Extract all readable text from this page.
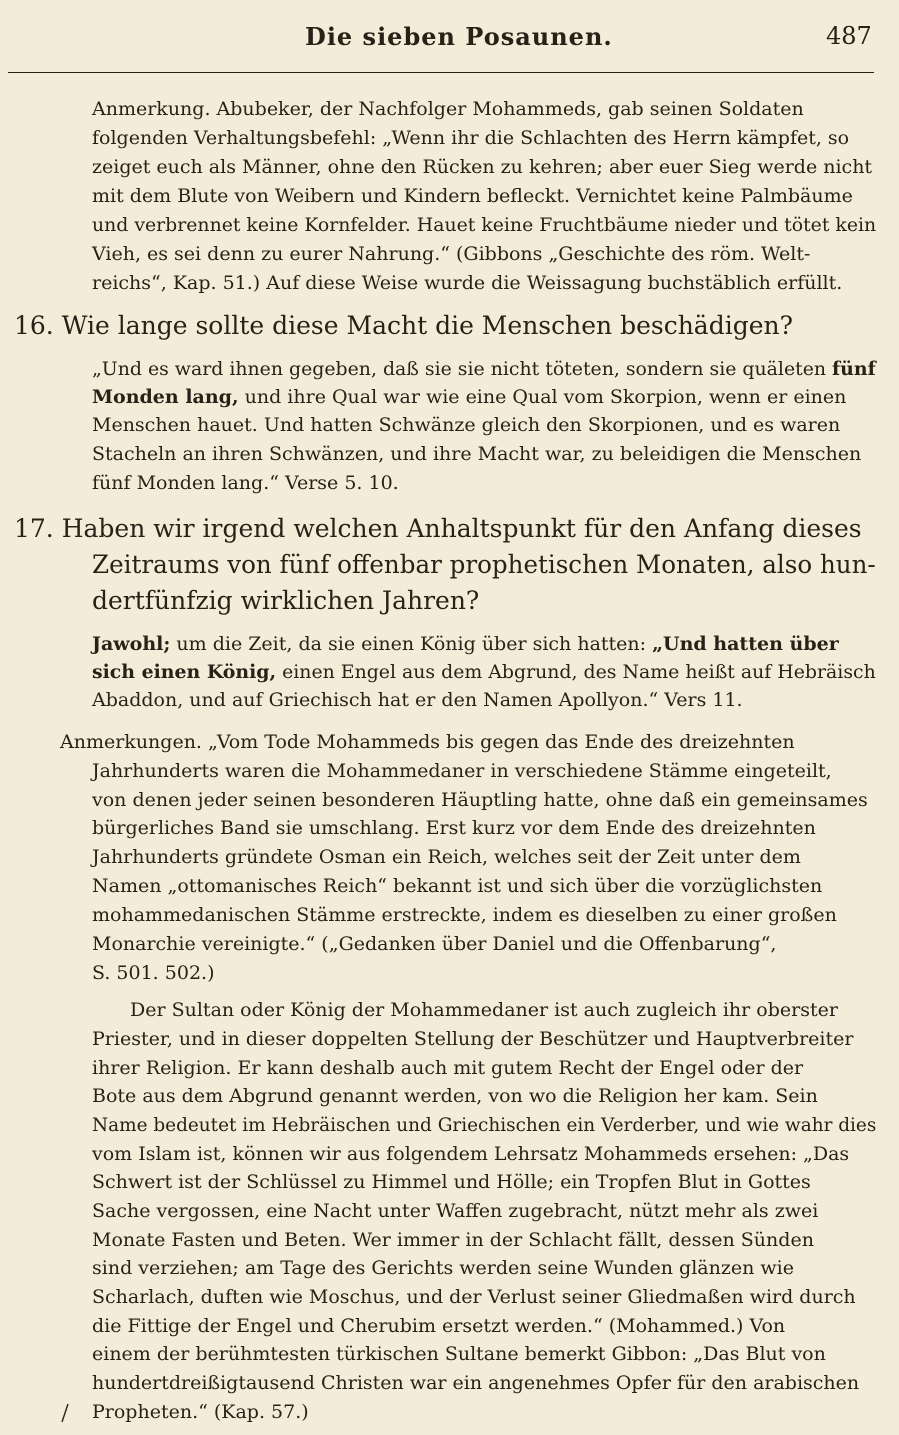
Die sieben Posaunen.	487
Anmerkung. Abubeker, der Nachfolger Mohammeds, gab seinen Soldaten
folgenden Verhaltungsbefehl: „Wenn ihr die Schlachten des Herrn kämpfet, so
zeiget euch als Männer, ohne den Rücken zu kehren; aber euer Sieg werde nicht
mit dem Blute von Weibern und Kindern befleckt. Vernichtet keine Palmbäume
und verbrennet keine Kornfelder. Hauet keine Fruchtbäume nieder und tötet kein
Vieh, es sei denn zu eurer Nahrung.“ (Gibbons „Geschichte des röm. Welt-
reichs“, Kap. 51.) Auf diese Weise wurde die Weissagung buchstäblich erfüllt.
16. Wie lange sollte diese Macht die Menschen beschädigen?
„Und es ward ihnen gegeben, daß sie sie nicht töteten, sondern sie quäleten fünf
Monden lang, und ihre Qual war wie eine Qual vom Skorpion, wenn er einen
Menschen hauet. Und hatten Schwänze gleich den Skorpionen, und es waren
Stacheln an ihren Schwänzen, und ihre Macht war, zu beleidigen die Menschen
fünf Monden lang.“ Verse 5. 10.
17. Haben wir irgend welchen Anhaltspunkt für den Anfang dieses
Zeitraums von fünf offenbar prophetischen Monaten, also hun-
dertfünfzig wirklichen Jahren?
Jawohl; um die Zeit, da sie einen König über sich hatten: „Und hatten über
sich einen König, einen Engel aus dem Abgrund, des Name heißt auf Hebräisch
Abaddon, und auf Griechisch hat er den Namen Apollyon.“ Vers 11.
Anmerkungen. „Vom Tode Mohammeds bis gegen das Ende des dreizehnten
Jahrhunderts waren die Mohammedaner in verschiedene Stämme eingeteilt,
von denen jeder seinen besonderen Häuptling hatte, ohne daß ein gemeinsames
bürgerliches Band sie umschlang. Erst kurz vor dem Ende des dreizehnten
Jahrhunderts gründete Osman ein Reich, welches seit der Zeit unter dem
Namen „ottomanisches Reich“ bekannt ist und sich über die vorzüglichsten
mohammedanischen Stämme erstreckte, indem es dieselben zu einer großen
Monarchie vereinigte.“ („Gedanken über Daniel und die Offenbarung“,
S. 501. 502.)
Der Sultan oder König der Mohammedaner ist auch zugleich ihr oberster
Priester, und in dieser doppelten Stellung der Beschützer und Hauptverbreiter
ihrer Religion. Er kann deshalb auch mit gutem Recht der Engel oder der
Bote aus dem Abgrund genannt werden, von wo die Religion her kam. Sein
Name bedeutet im Hebräischen und Griechischen ein Verderber, und wie wahr dies
vom Islam ist, können wir aus folgendem Lehrsatz Mohammeds ersehen: „Das
Schwert ist der Schlüssel zu Himmel und Hölle; ein Tropfen Blut in Gottes
Sache vergossen, eine Nacht unter Waffen zugebracht, nützt mehr als zwei
Monate Fasten und Beten. Wer immer in der Schlacht fällt, dessen Sünden
sind verziehen; am Tage des Gerichts werden seine Wunden glänzen wie
Scharlach, duften wie Moschus, und der Verlust seiner Gliedmaßen wird durch
die Fittige der Engel und Cherubim ersetzt werden.“ (Mohammed.) Von
einem der berühmtesten türkischen Sultane bemerkt Gibbon: „Das Blut von
hundertdreißigtausend Christen war ein angenehmes Opfer für den arabischen
Propheten.“ (Kap. 57.)
